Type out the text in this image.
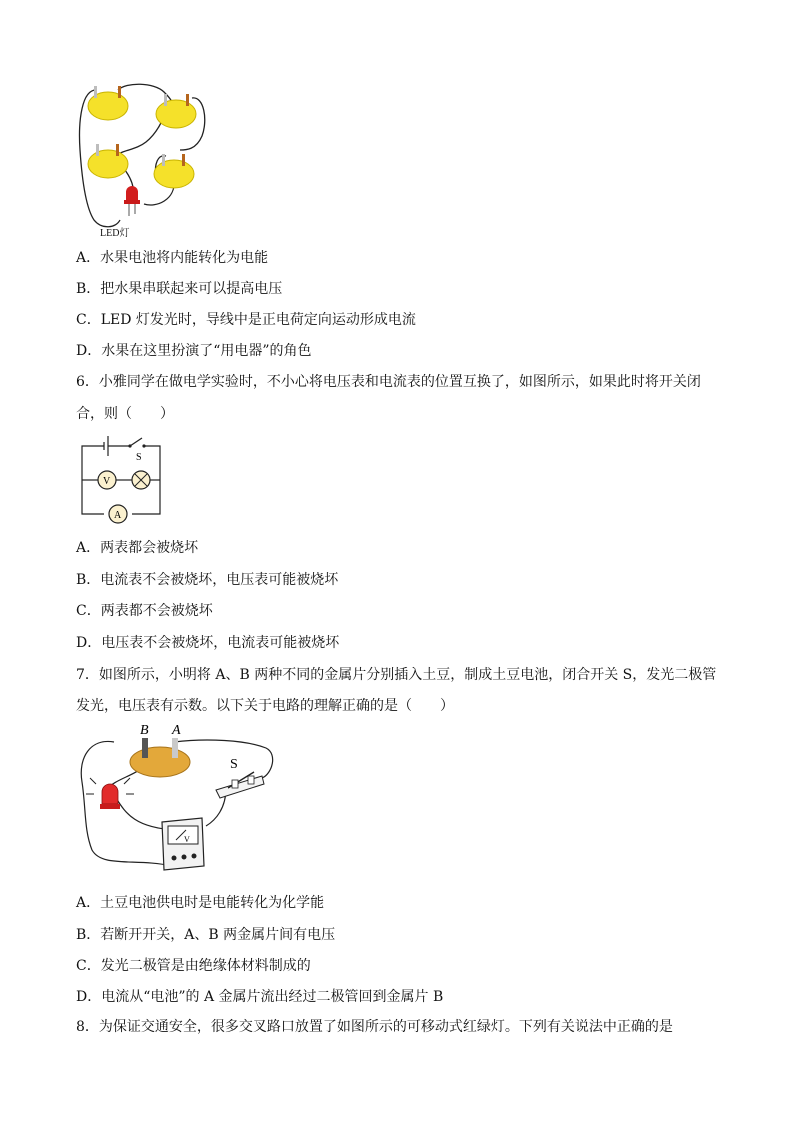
LED灯
A．水果电池将内能转化为电能
B．把水果串联起来可以提高电压
C．LED 灯发光时，导线中是正电荷定向运动形成电流
D．水果在这里扮演了“用电器”的角色
6．小雅同学在做电学实验时，不小心将电压表和电流表的位置互换了，如图所示，如果此时将开关闭
合，则（　　）
S
V
A
A．两表都会被烧坏
B．电流表不会被烧坏，电压表可能被烧坏
C．两表都不会被烧坏
D．电压表不会被烧坏，电流表可能被烧坏
7．如图所示，小明将 A、B 两种不同的金属片分别插入土豆，制成土豆电池，闭合开关 S，发光二极管
发光，电压表有示数。以下关于电路的理解正确的是（　　）
B A
S
V
A．土豆电池供电时是电能转化为化学能
B．若断开开关，A、B 两金属片间有电压
C．发光二极管是由绝缘体材料制成的
D．电流从“电池”的 A 金属片流出经过二极管回到金属片 B
8．为保证交通安全，很多交叉路口放置了如图所示的可移动式红绿灯。下列有关说法中正确的是
